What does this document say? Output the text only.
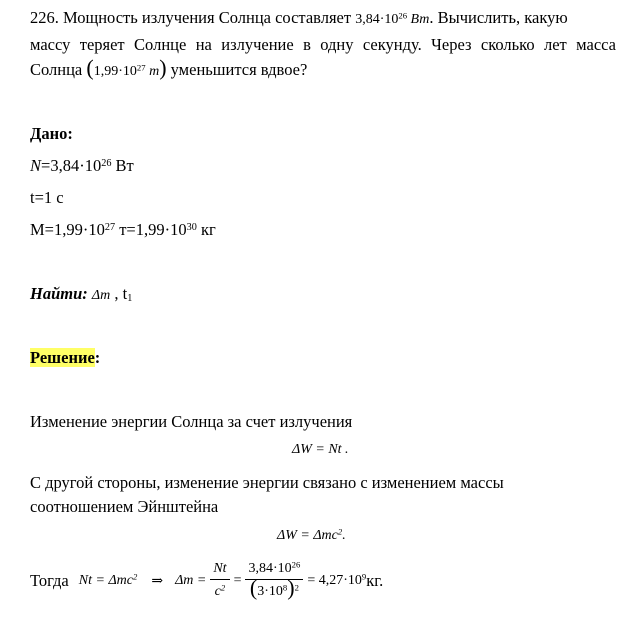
226. Мощность излучения Солнца составляет $3,84\cdot 10^{26}$ Вт. Вычислить, какую
массу теряет Солнце на излучение в одну секунду. Через сколько лет масса
Солнца ($1,99\cdot 10^{27}$ т) уменьшится вдвое?
Дано:
$N=3,84\cdot 10^{26}$ Вт
t=1 с
$M=1,99\cdot 10^{27}$ $т=1,99\cdot 10^{30}$ кг
Найти: Δm , $t_1$
Решение:
Изменение энергии Солнца за счет излучения
ΔW = Nt .
С другой стороны, изменение энергии связано с изменением массы
соотношением Эйнштейна
ΔW = Δmc$^2$.
Тогда Nt = Δmc$^2$ ⇒ $\Delta m = \frac{Nt}{c^2} = \frac{3,84\cdot 10^{26}}{(3\cdot 10^8)^2} = 4,27\cdot 10^9$ кг.
